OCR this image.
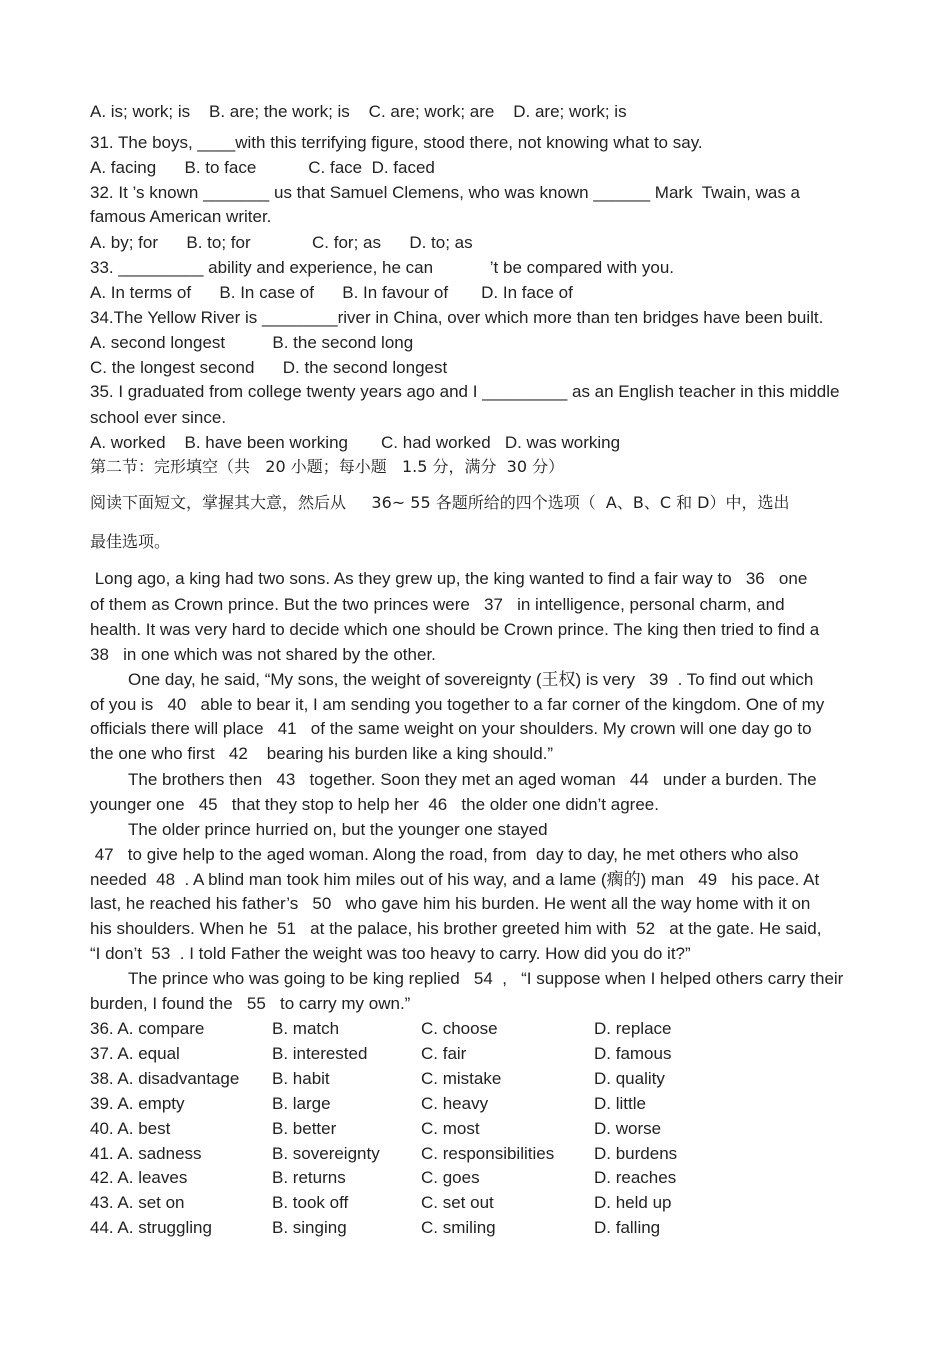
A. is; work; is    B. are; the work; is    C. are; work; are    D. are; work; is
31. The boys, ____with this terrifying figure, stood there, not knowing what to say.
A. facing      B. to face           C. face  D. faced
32. It ’s known _______ us that Samuel Clemens, who was known ______ Mark  Twain, was a
famous American writer.
A. by; for      B. to; for             C. for; as      D. to; as
33. _________ ability and experience, he can            ’t be compared with you.
A. In terms of      B. In case of      B. In favour of       D. In face of
34.The Yellow River is ________river in China, over which more than ten bridges have been built.
A. second longest          B. the second long
C. the longest second      D. the second longest
35. I graduated from college twenty years ago and I _________ as an English teacher in this middle
school ever since.
A. worked    B. have been working       C. had worked   D. was working
第二节：完形填空（共   20 小题；每小题   1.5 分，满分  30 分）
阅读下面短文，掌握其大意，然后从     36~ 55 各题所给的四个选项（  A、B、C 和 D）中，选出
最佳选项。
Long ago, a king had two sons. As they grew up, the king wanted to find a fair way to   36   one
of them as Crown prince. But the two princes were   37   in intelligence, personal charm, and
health. It was very hard to decide which one should be Crown prince. The king then tried to find a
38   in one which was not shared by the other.
One day, he said, “My sons, the weight of sovereignty (王权) is very   39  . To find out which
of you is   40   able to bear it, I am sending you together to a far corner of the kingdom. One of my
officials there will place   41   of the same weight on your shoulders. My crown will one day go to
the one who first   42    bearing his burden like a king should.”
The brothers then   43   together. Soon they met an aged woman   44   under a burden. The
younger one   45   that they stop to help her  46   the older one didn’t agree.
The older prince hurried on, but the younger one stayed
47   to give help to the aged woman. Along the road, from  day to day, he met others who also
needed  48  . A blind man took him miles out of his way, and a lame (瘸的) man   49   his pace. At
last, he reached his father’s   50   who gave him his burden. He went all the way home with it on
his shoulders. When he  51   at the palace, his brother greeted him with  52   at the gate. He said,
“I don’t  53  . I told Father the weight was too heavy to carry. How did you do it?”
The prince who was going to be king replied   54  ,   “I suppose when I helped others carry their
burden, I found the   55   to carry my own.”
36. A. compare	B. match	C. choose	D. replace
37. A. equal	B. interested	C. fair	D. famous
38. A. disadvantage B. habit	C. mistake	D. quality
39. A. empty	B. large	C. heavy	D. little
40. A. best	B. better	C. most	D. worse
41. A. sadness	B. sovereignty C. responsibilities D. burdens
42. A. leaves	B. returns	C. goes	D. reaches
43. A. set on	B. took off	C. set out	D. held up
44. A. struggling	B. singing	C. smiling	D. falling
